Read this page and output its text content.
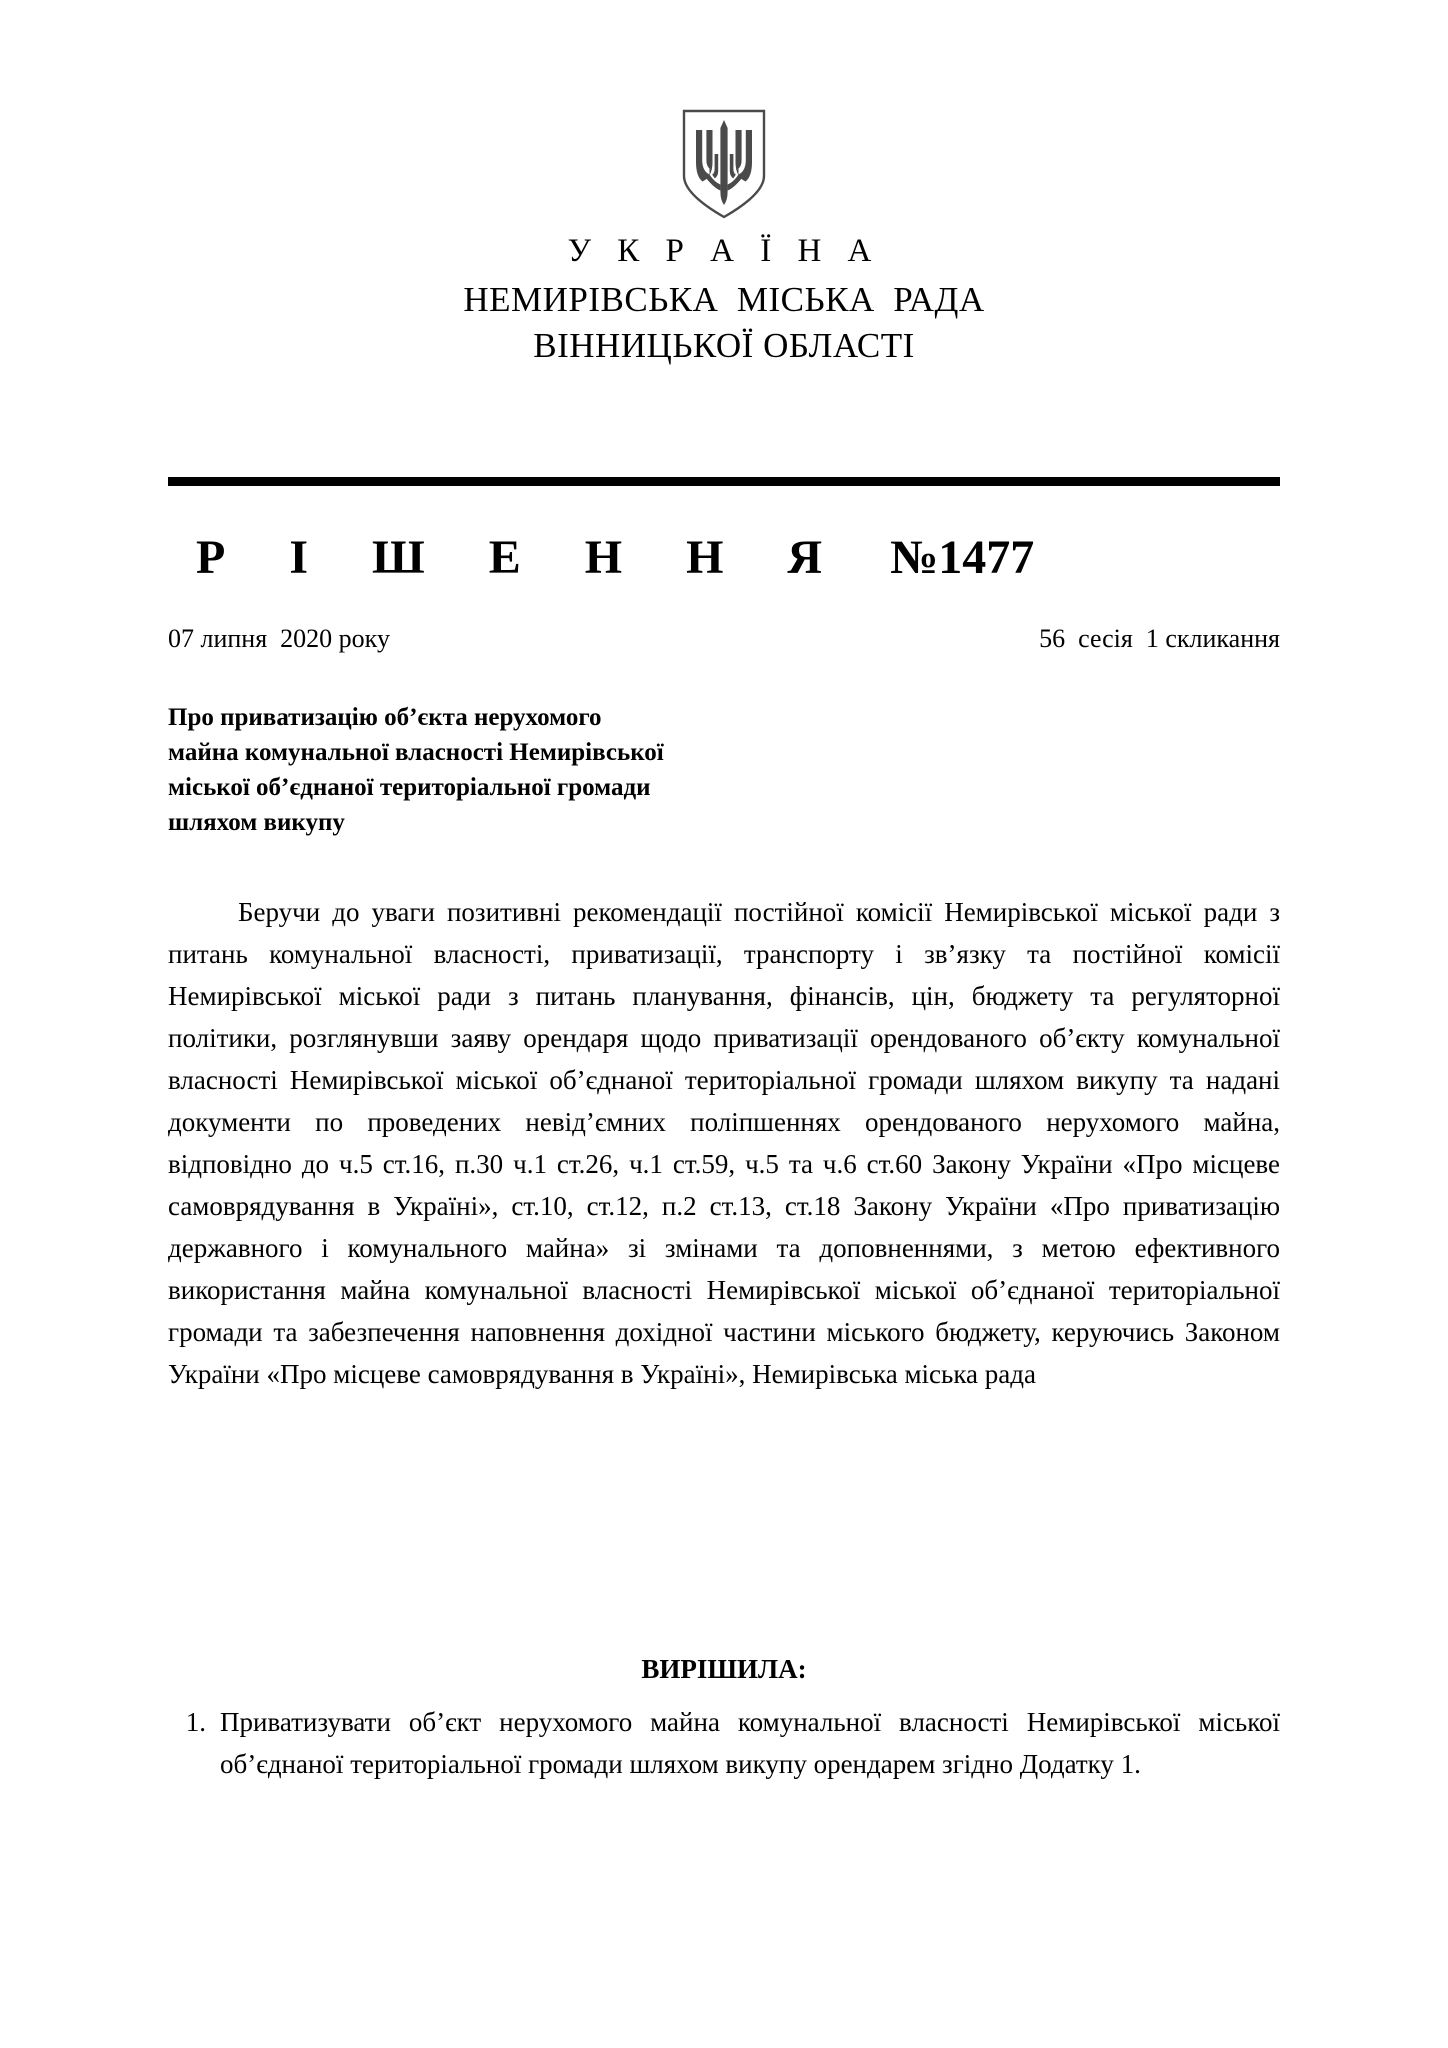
У К Р А Ї Н А
НЕМИРІВСЬКА  МІСЬКА  РАДА
ВІННИЦЬКОЇ ОБЛАСТІ
Р І Ш Е Н Н Я №1477
07 липня  2020 року	56  сесія  1 скликання
Про приватизацію об’єкта нерухомого
майна комунальної власності Немирівської
міської об’єднаної територіальної громади
шляхом викупу

Беручи до уваги позитивні рекомендації постійної комісії Немирівської міської ради з питань комунальної власності, приватизації, транспорту і зв’язку та постійної комісії Немирівської міської ради з питань планування, фінансів, цін, бюджету та регуляторної політики, розглянувши заяву орендаря щодо приватизації орендованого об’єкту комунальної власності Немирівської міської об’єднаної територіальної громади шляхом викупу та надані документи по проведених невід’ємних поліпшеннях орендованого нерухомого майна, відповідно до ч.5 ст.16, п.30 ч.1 ст.26, ч.1 ст.59, ч.5 та ч.6 ст.60 Закону України «Про місцеве самоврядування в Україні», ст.10, ст.12, п.2 ст.13, ст.18 Закону України «Про приватизацію державного і комунального майна» зі змінами та доповненнями, з метою ефективного використання майна комунальної власності Немирівської міської об’єднаної територіальної громади та забезпечення наповнення дохідної частини міського бюджету, керуючись Законом України «Про місцеве самоврядування в Україні», Немирівська міська рада

ВИРІШИЛА:
1. Приватизувати об’єкт нерухомого майна комунальної власності Немирівської міської об’єднаної територіальної громади шляхом викупу орендарем згідно Додатку 1.
